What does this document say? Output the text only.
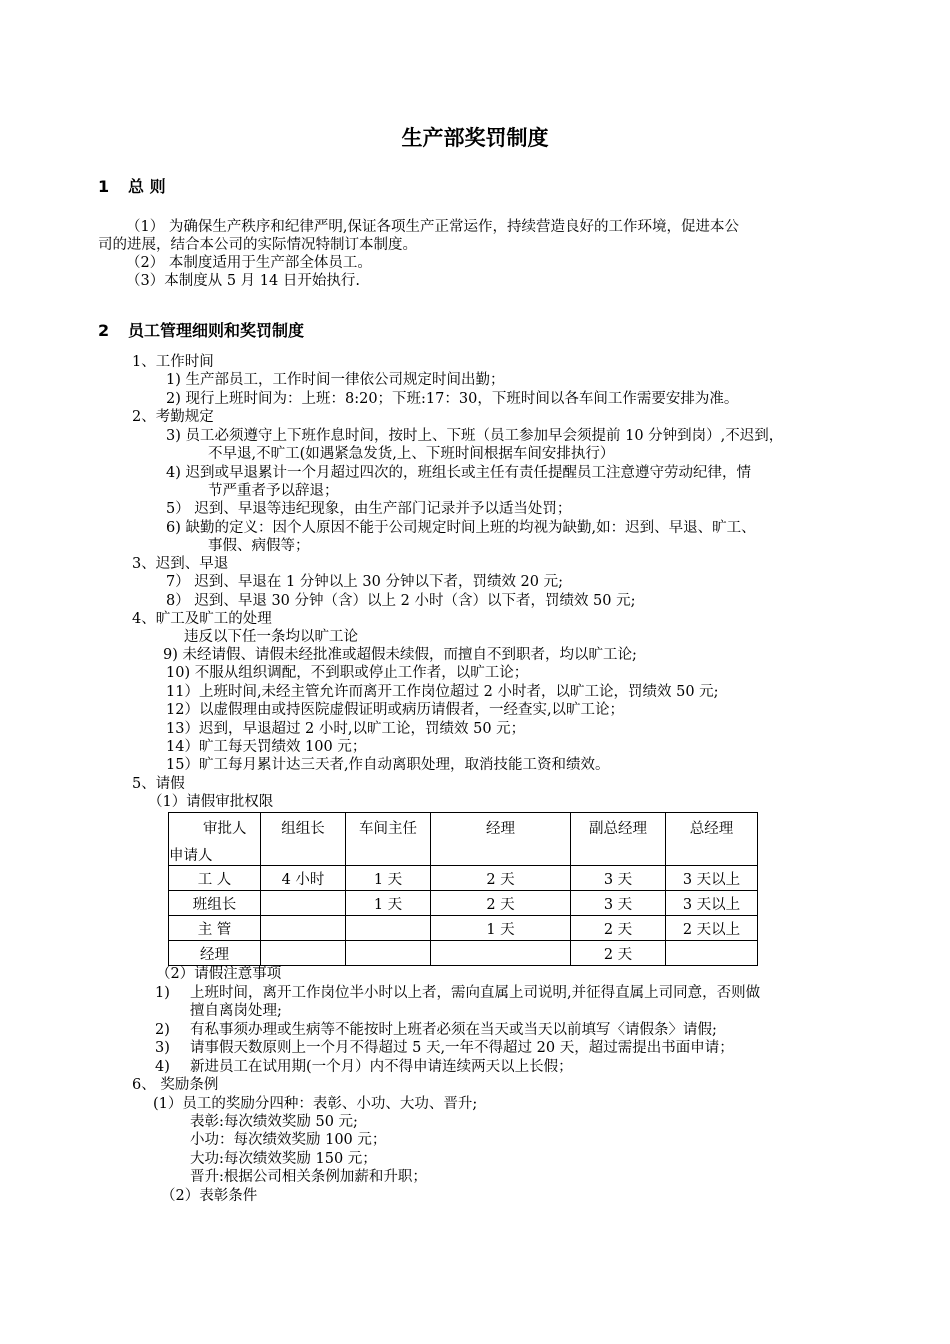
生产部奖罚制度
1 总 则
（1） 为确保生产秩序和纪律严明,保证各项生产正常运作，持续营造良好的工作环境，促进本公
司的进展，结合本公司的实际情况特制订本制度。
（2） 本制度适用于生产部全体员工。
（3）本制度从 5 月 14 日开始执行.
2 员工管理细则和奖罚制度
1、工作时间
1) 生产部员工，工作时间一律依公司规定时间出勤；
2) 现行上班时间为：上班：8:20；下班:17：30，下班时间以各车间工作需要安排为准。
2、考勤规定
3) 员工必须遵守上下班作息时间，按时上、下班（员工参加早会须提前 10 分钟到岗）,不迟到，
不早退,不旷工(如遇紧急发货,上、下班时间根据车间安排执行）
4) 迟到或早退累计一个月超过四次的，班组长或主任有责任提醒员工注意遵守劳动纪律，情
节严重者予以辞退；
5） 迟到、早退等违纪现象，由生产部门记录并予以适当处罚；
6) 缺勤的定义：因个人原因不能于公司规定时间上班的均视为缺勤,如：迟到、早退、旷工、
事假、病假等；
3、迟到、早退
7） 迟到、早退在 1 分钟以上 30 分钟以下者，罚绩效 20 元;
8） 迟到、早退 30 分钟（含）以上 2 小时（含）以下者，罚绩效 50 元;
4、旷工及旷工的处理
违反以下任一条均以旷工论
9) 未经请假、请假未经批准或超假未续假，而擅自不到职者，均以旷工论;
10) 不服从组织调配，不到职或停止工作者，以旷工论；
11）上班时间,未经主管允许而离开工作岗位超过 2 小时者，以旷工论，罚绩效 50 元;
12）以虚假理由或持医院虚假证明或病历请假者，一经查实,以旷工论；
13）迟到，早退超过 2 小时,以旷工论，罚绩效 50 元；
14）旷工每天罚绩效 100 元；
15）旷工每月累计达三天者,作自动离职处理，取消技能工资和绩效。
5、请假
（1）请假审批权限
审批人
申请人	组组长	车间主任	经理	副总经理	总经理
工 人	4 小时	1 天	2 天	3 天	3 天以上
班组长		1 天	2 天	3 天	3 天以上
主 管			1 天	2 天	2 天以上
经理				2 天	
（2）请假注意事项
1) 上班时间，离开工作岗位半小时以上者，需向直属上司说明,并征得直属上司同意，否则做
擅自离岗处理;
2) 有私事须办理或生病等不能按时上班者必须在当天或当天以前填写〈请假条〉请假;
3) 请事假天数原则上一个月不得超过 5 天,一年不得超过 20 天，超过需提出书面申请；
4) 新进员工在试用期(一个月）内不得申请连续两天以上长假；
6、 奖励条例
(1）员工的奖励分四种：表彰、小功、大功、晋升;
表彰:每次绩效奖励 50 元;
小功：每次绩效奖励 100 元；
大功:每次绩效奖励 150 元；
晋升:根据公司相关条例加薪和升职；
（2）表彰条件
